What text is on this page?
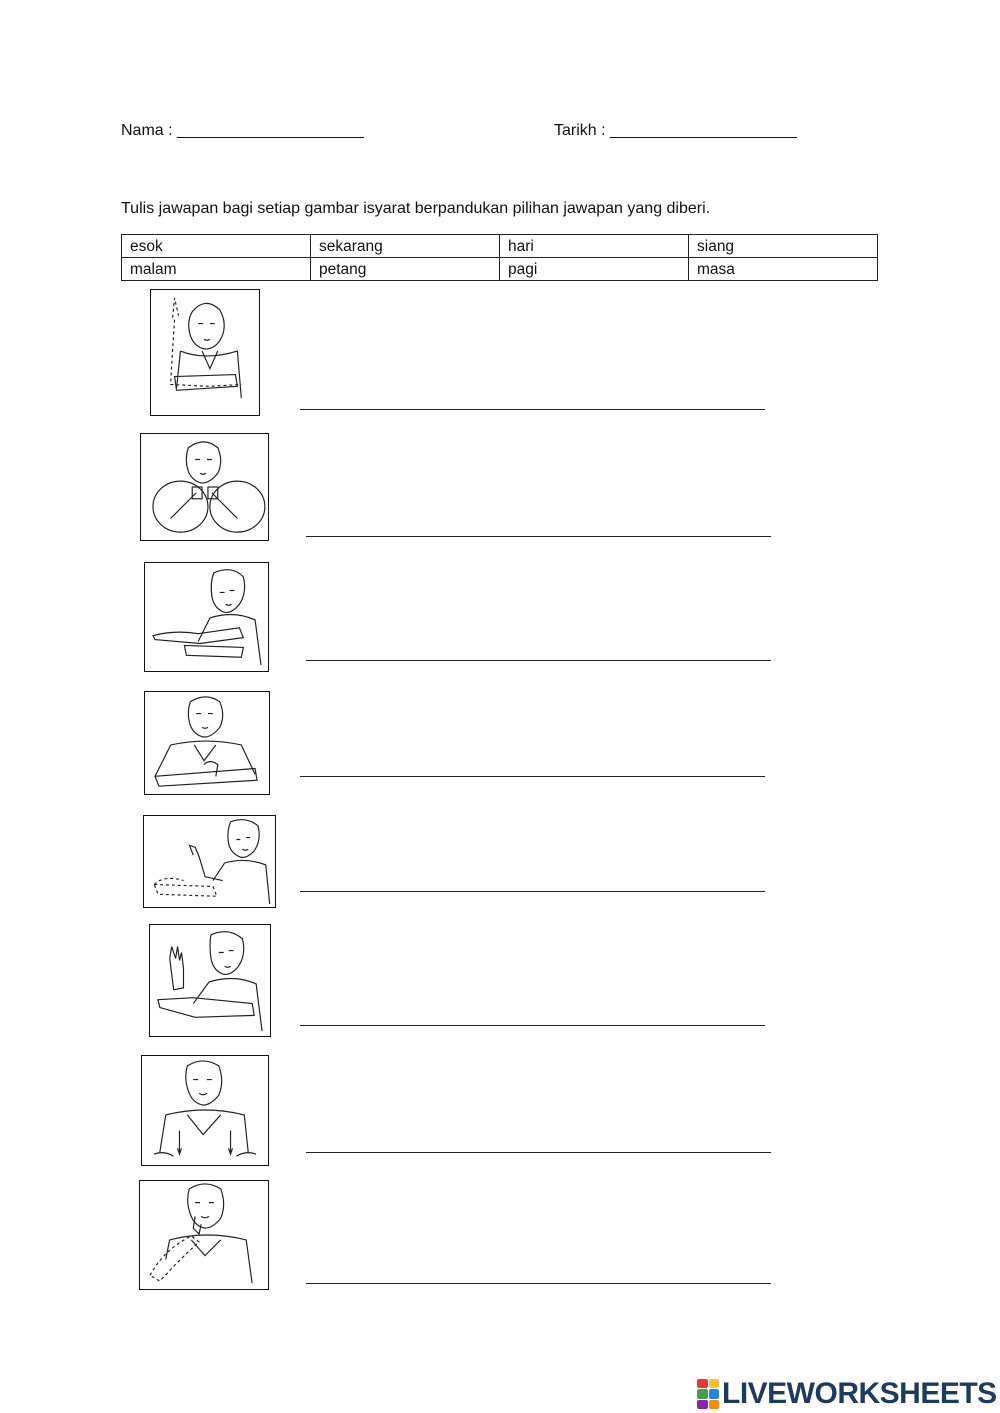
Nama : _____________________	Tarikh : _____________________
Tulis jawapan bagi setiap gambar isyarat berpandukan pilihan jawapan yang diberi.
esok	sekarang	hari	siang
malam	petang	pagi	masa
LIVEWORKSHEETS
